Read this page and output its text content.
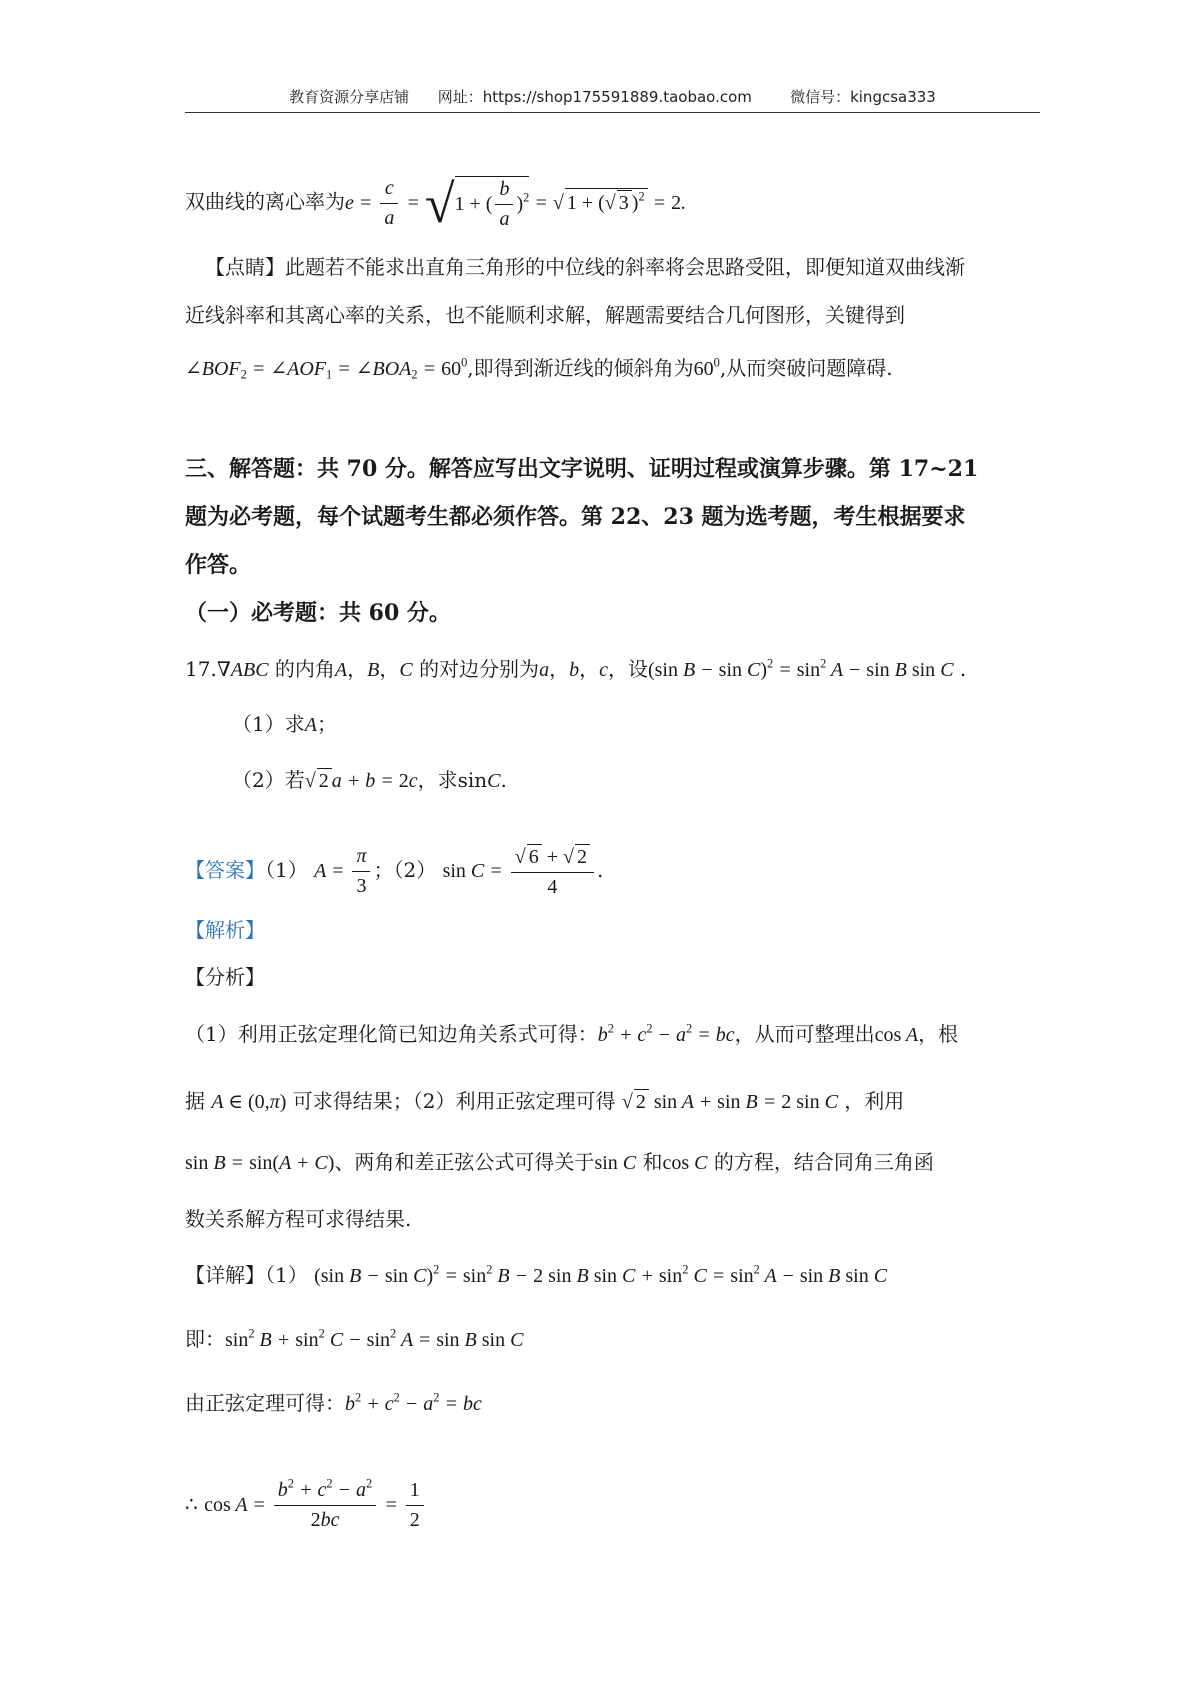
教育资源分享店铺 网址：https://shop175591889.taobao.com	微信号：kingcsa333
双曲线的离心率为$e = \frac{c}{a} = √1$ + ( $\frac{b}{a} )^2$ = √ 1 + (√ 3 )$^2$ = 2.
【点睛】此题若不能求出直角三角形的中位线的斜率将会思路受阻，即便知道双曲线渐
近线斜率和其离心率的关系，也不能顺利求解，解题需要结合几何图形，关键得到
$\angle BOF_2$ = $\angle AOF_1$ = $\angle BOA_2 = 60^0$,即得到渐近线的倾斜角为$60^0$,从而突破问题障碍.
三、解答题：共 70 分。解答应写出文字说明、证明过程或演算步骤。第 17~21
题为必考题，每个试题考生都必须作答。第 22、23 题为选考题，考生根据要求
作答。
（一）必考题：共 60 分。
17.∇ABC 的内角A，B，C 的对边分别为a，b，c，设(sin $B - \sin C)^2 = \sin^2 A - \sin B$ sin C .
（1）求A；
（2）若√ 2 a + b = 2c，求sinC.
【答案】（1） $A = \frac{\pi}{3}$ ；（2） $\sin C = \frac{√ 6 + √ 2}{4}$ .
【解析】
【分析】
（1）利用正弦定理化简已知边角关系式可得：$b^2 + c^2 - a^2$ = bc，从而可整理出cos A，根
据 A ∈ (0,π) 可求得结果；（2）利用正弦定理可得 √ 2 sin A + sin B = 2 sin C ，利用
sin B = sin(A + C)、两角和差正弦公式可得关于sin C 和cos C 的方程，结合同角三角函
数关系解方程可求得结果.
【详解】（1） (sin $B - \sin C)^2 = \sin^2 B - 2$ sin B $\sin C + \sin^2 C = \sin^2 A - \sin B$ sin C
即：$\sin^2 B + \sin^2 C - \sin^2 A = \sin B$ sin C
由正弦定理可得：$b^2 + c^2 - a^2$ = bc
∴ $\cos A = \frac{b^2 + c^2 - a^2}{2bc} = \frac{1}{2}$
